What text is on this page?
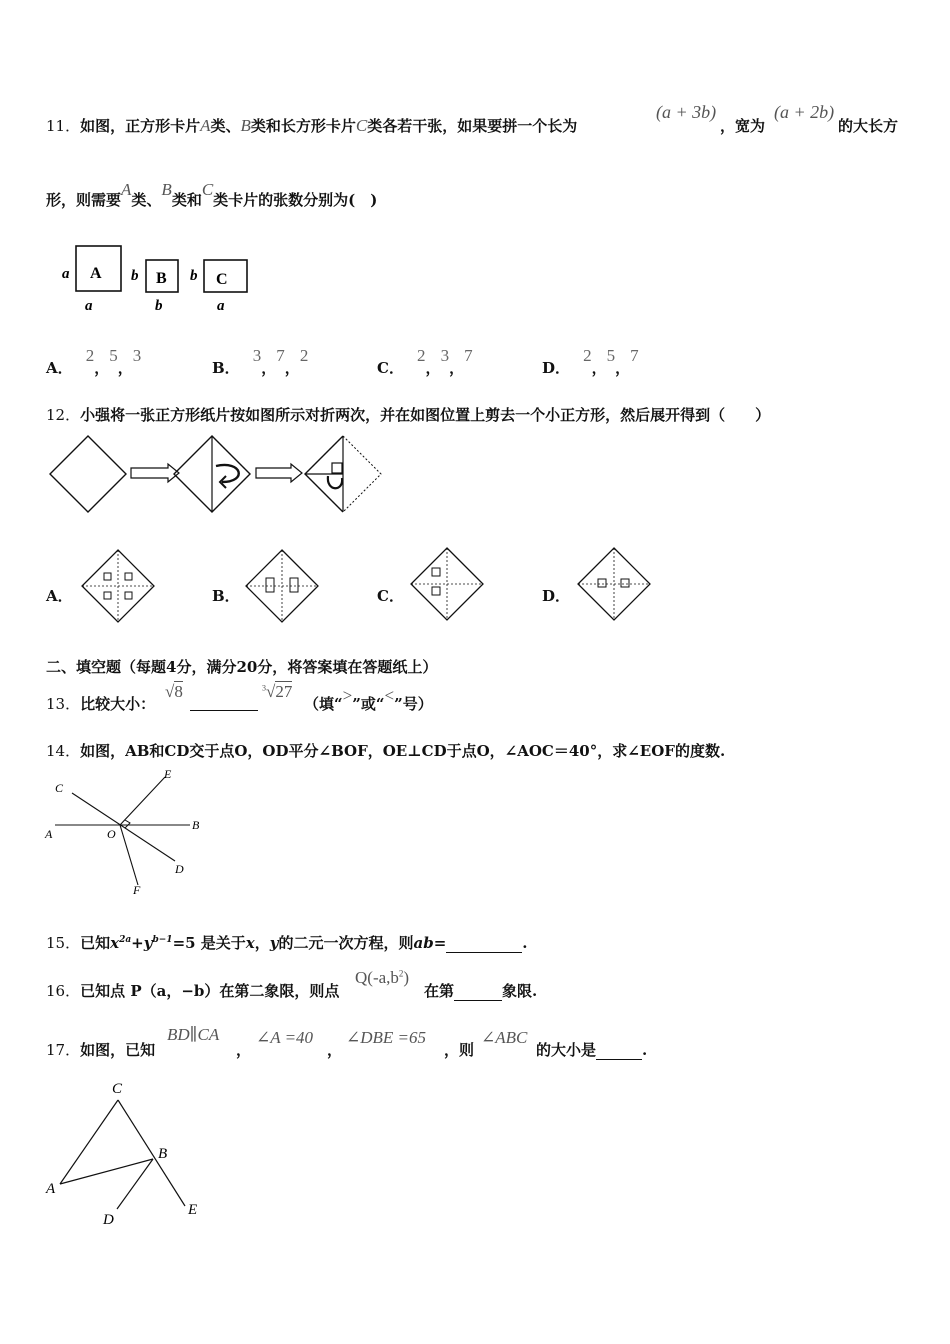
11．如图，正方形卡片A类、B类和长方形卡片C类各若干张，如果要拼一个长为
(a + 3b)
，宽为
(a + 2b)
的大长方
形，则需要A类、B类和C类卡片的张数分别为(　)
a A
a
b B
b
b C
a
A． 2，5，3
B． 3，7，2
C． 2，3，7
D． 2，5，7
12．小强将一张正方形纸片按如图所示对折两次，并在如图位置上剪去一个小正方形，然后展开得到（　　）
A．	B．	C．	D．
二、填空题（每题4分，满分20分，将答案填在答题纸上）
13．比较大小：
√8	$^3$√27
（填“>”或“<”号）
14．如图，AB和CD交于点O，OD平分∠BOF，OE⊥CD于点O，∠AOC＝40°，求∠EOF的度数.
C
E
A
B
O
D
F
15．已知$x^{2a}+y^{b-1}=5$ 是关于x，y的二元一次方程，则ab=	.
16．已知点 P（a，−b）在第二象限，则点
$Q(-a,b^2)$
在第	象限.
17．如图，已知
BD∥CA
，
∠A =40
，
∠DBE =65
，则
∠ABC
的大小是	.
C
A
B
D
E
